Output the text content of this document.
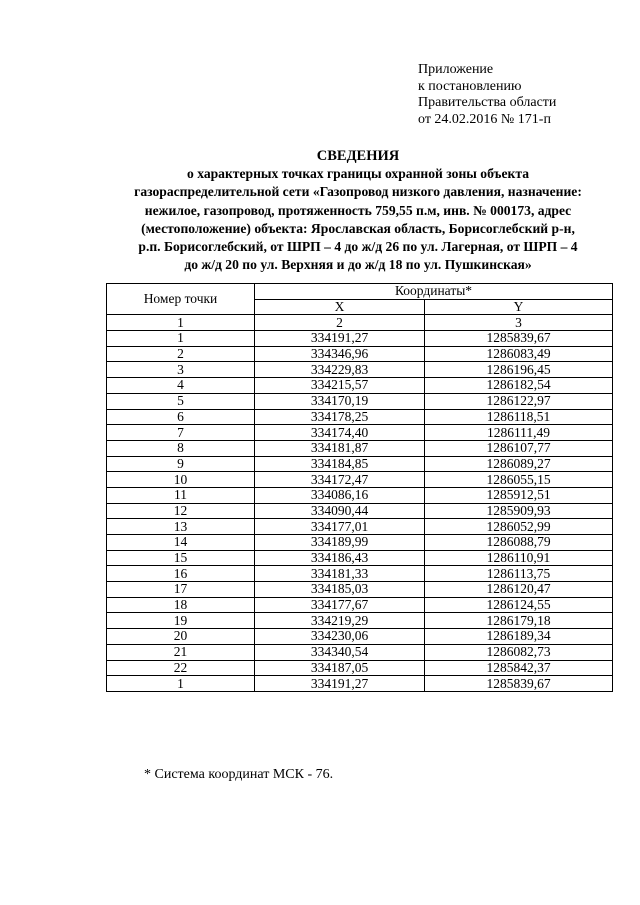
Приложение
к постановлению
Правительства области
от 24.02.2016 № 171-п
СВЕДЕНИЯ
о характерных точках границы охранной зоны объекта
газораспределительной сети «Газопровод низкого давления, назначение:
нежилое, газопровод, протяженность 759,55 п.м, инв. № 000173, адрес
(местоположение) объекта: Ярославская область, Борисоглебский р-н,
р.п. Борисоглебский, от ШРП – 4 до ж/д 26 по ул. Лагерная, от ШРП – 4
до ж/д 20 по ул. Верхняя и до ж/д 18 по ул. Пушкинская»
Номер точки	Координаты*	
	X	Y
1	2	3
1	334191,27	1285839,67
2	334346,96	1286083,49
3	334229,83	1286196,45
4	334215,57	1286182,54
5	334170,19	1286122,97
6	334178,25	1286118,51
7	334174,40	1286111,49
8	334181,87	1286107,77
9	334184,85	1286089,27
10	334172,47	1286055,15
11	334086,16	1285912,51
12	334090,44	1285909,93
13	334177,01	1286052,99
14	334189,99	1286088,79
15	334186,43	1286110,91
16	334181,33	1286113,75
17	334185,03	1286120,47
18	334177,67	1286124,55
19	334219,29	1286179,18
20	334230,06	1286189,34
21	334340,54	1286082,73
22	334187,05	1285842,37
1	334191,27	1285839,67
* Система координат МСК - 76.
